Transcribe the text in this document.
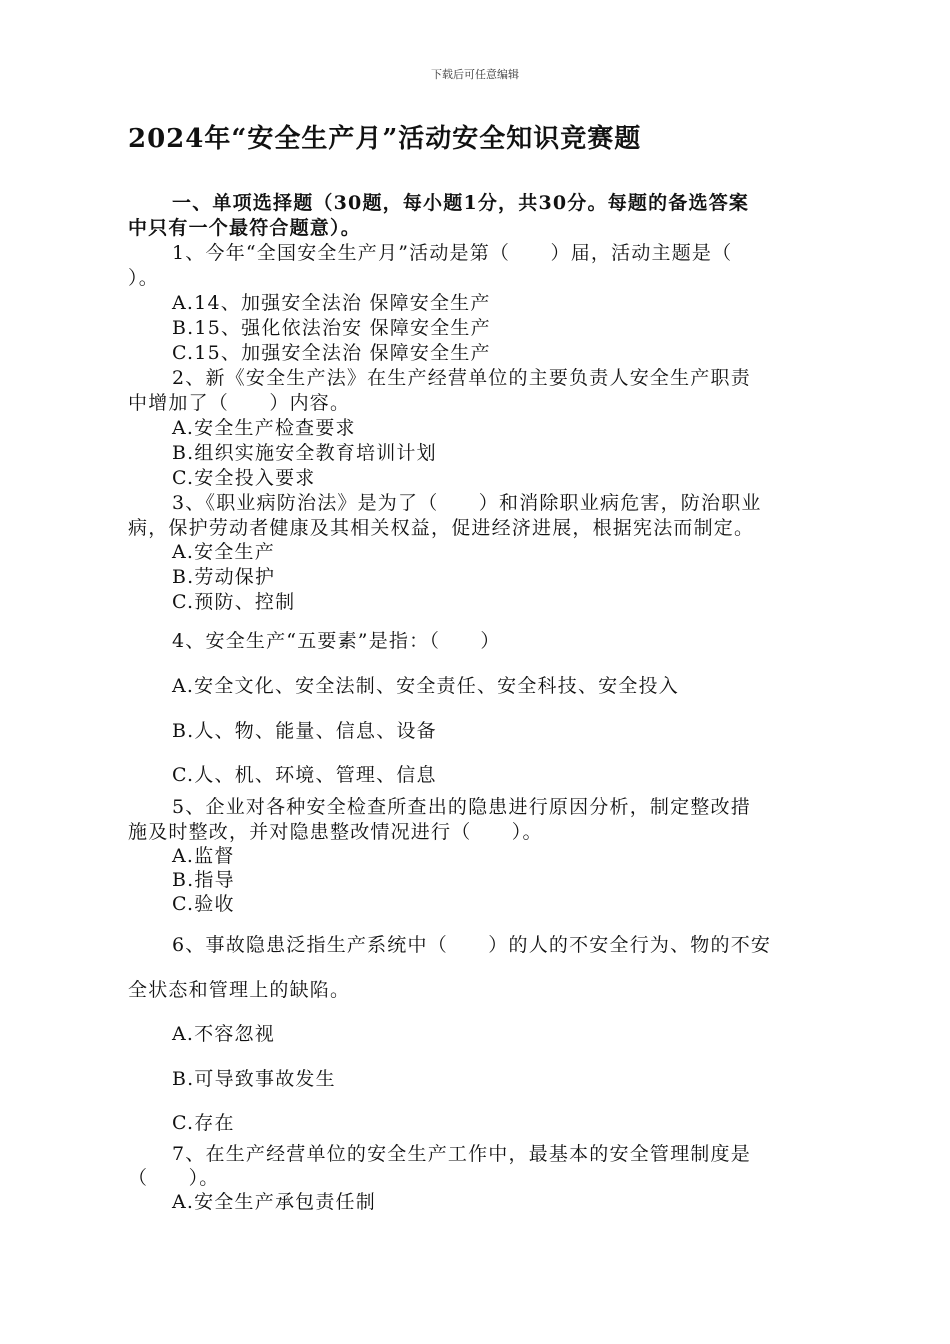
下载后可任意编辑
2024年“安全生产月”活动安全知识竞赛题
一、单项选择题（30题，每小题1分，共30分。每题的备选答案
中只有一个最符合题意）。
1、今年“全国安全生产月”活动是第（　　）届，活动主题是（
）。
A.14、加强安全法治 保障安全生产
B.15、强化依法治安 保障安全生产
C.15、加强安全法治 保障安全生产
2、新《安全生产法》在生产经营单位的主要负责人安全生产职责
中增加了（　　）内容。
A.安全生产检查要求
B.组织实施安全教育培训计划
C.安全投入要求
3、《职业病防治法》是为了（　　）和消除职业病危害，防治职业
病，保护劳动者健康及其相关权益，促进经济进展，根据宪法而制定。
A.安全生产
B.劳动保护
C.预防、控制
4、安全生产“五要素”是指：（　　）
A.安全文化、安全法制、安全责任、安全科技、安全投入
B.人、物、能量、信息、设备
C.人、机、环境、管理、信息
5、企业对各种安全检查所查出的隐患进行原因分析，制定整改措
施及时整改，并对隐患整改情况进行（　　）。
A.监督
B.指导
C.验收
6、事故隐患泛指生产系统中（　　）的人的不安全行为、物的不安
全状态和管理上的缺陷。
A.不容忽视
B.可导致事故发生
C.存在
7、在生产经营单位的安全生产工作中，最基本的安全管理制度是
（　　）。
A.安全生产承包责任制
